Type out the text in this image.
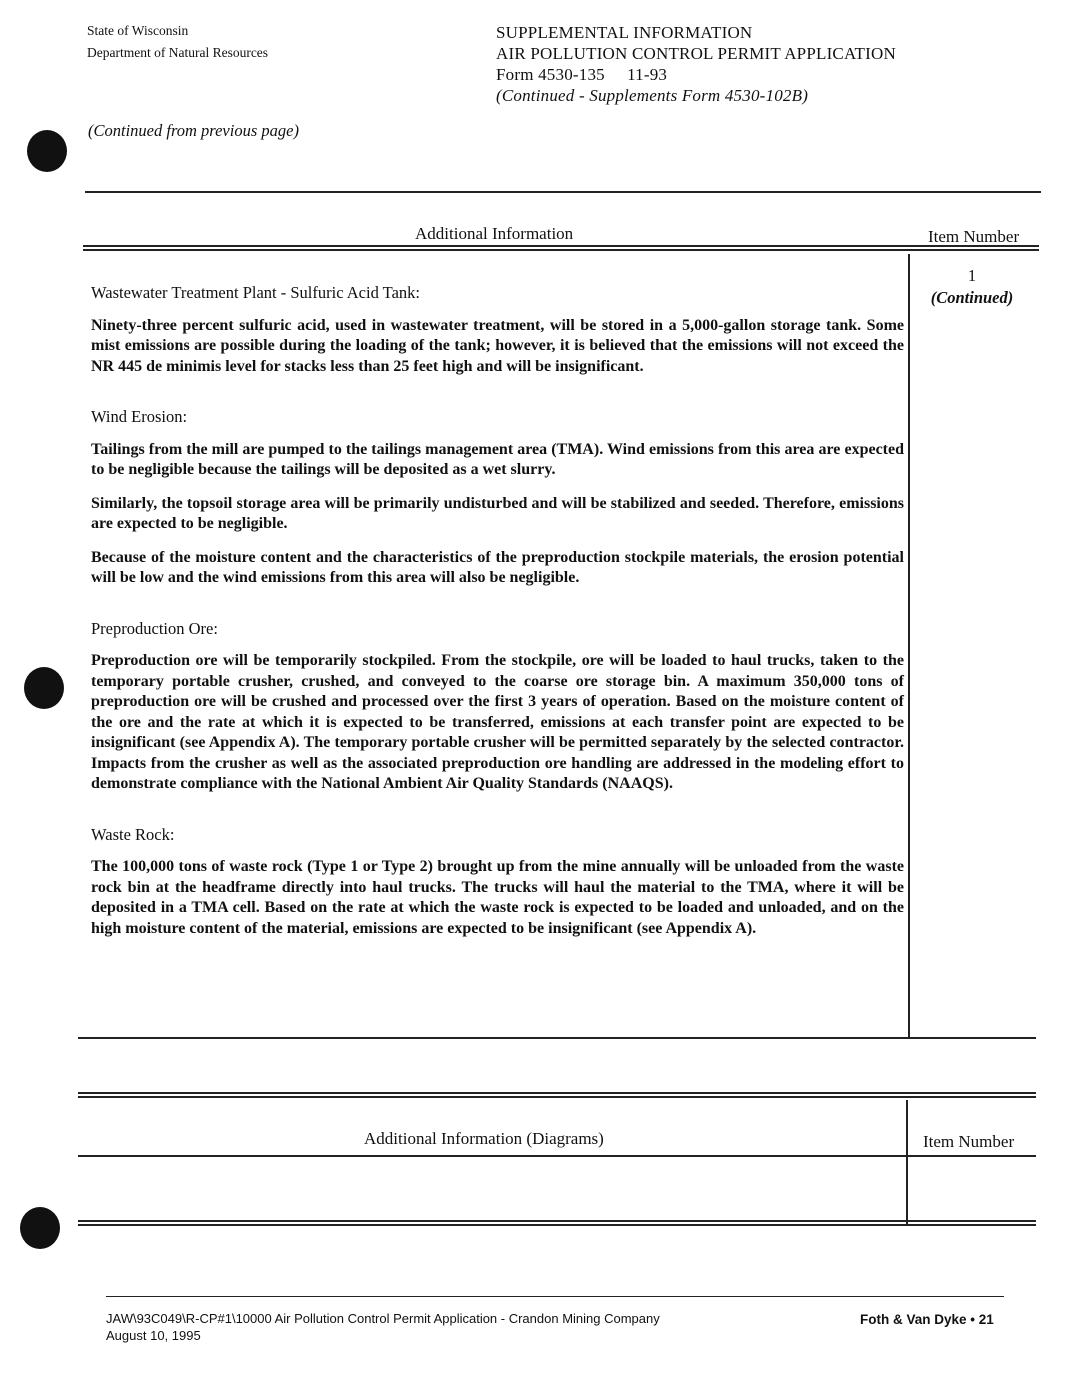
State of Wisconsin
Department of Natural Resources
SUPPLEMENTAL INFORMATION
AIR POLLUTION CONTROL PERMIT APPLICATION
Form 4530-135     11-93
(Continued - Supplements Form 4530-102B)
(Continued from previous page)
Additional Information	Item Number
1
(Continued)
Wastewater Treatment Plant - Sulfuric Acid Tank:

Ninety-three percent sulfuric acid, used in wastewater treatment, will be stored in a 5,000-gallon storage tank. Some mist emissions are possible during the loading of the tank; however, it is believed that the emissions will not exceed the NR 445 de minimis level for stacks less than 25 feet high and will be insignificant.

Wind Erosion:

Tailings from the mill are pumped to the tailings management area (TMA). Wind emissions from this area are expected to be negligible because the tailings will be deposited as a wet slurry.

Similarly, the topsoil storage area will be primarily undisturbed and will be stabilized and seeded. Therefore, emissions are expected to be negligible.

Because of the moisture content and the characteristics of the preproduction stockpile materials, the erosion potential will be low and the wind emissions from this area will also be negligible.

Preproduction Ore:

Preproduction ore will be temporarily stockpiled. From the stockpile, ore will be loaded to haul trucks, taken to the temporary portable crusher, crushed, and conveyed to the coarse ore storage bin. A maximum 350,000 tons of preproduction ore will be crushed and processed over the first 3 years of operation. Based on the moisture content of the ore and the rate at which it is expected to be transferred, emissions at each transfer point are expected to be insignificant (see Appendix A). The temporary portable crusher will be permitted separately by the selected contractor. Impacts from the crusher as well as the associated preproduction ore handling are addressed in the modeling effort to demonstrate compliance with the National Ambient Air Quality Standards (NAAQS).

Waste Rock:

The 100,000 tons of waste rock (Type 1 or Type 2) brought up from the mine annually will be unloaded from the waste rock bin at the headframe directly into haul trucks. The trucks will haul the material to the TMA, where it will be deposited in a TMA cell. Based on the rate at which the waste rock is expected to be loaded and unloaded, and on the high moisture content of the material, emissions are expected to be insignificant (see Appendix A).

Additional Information (Diagrams)	Item Number
JAW\93C049\R-CP#1\10000 Air Pollution Control Permit Application - Crandon Mining Company
August 10, 1995
Foth & Van Dyke • 21
